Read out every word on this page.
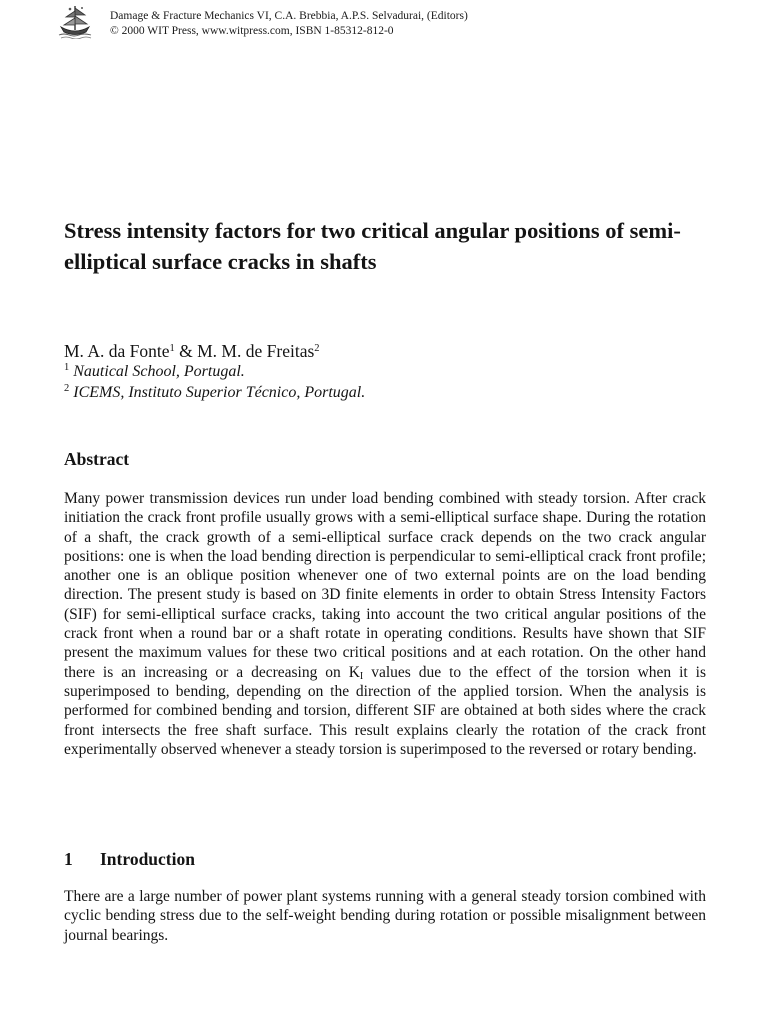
Damage & Fracture Mechanics VI, C.A. Brebbia, A.P.S. Selvadurai, (Editors)
© 2000 WIT Press, www.witpress.com, ISBN 1-85312-812-0
Stress intensity factors for two critical angular positions of semi-elliptical surface cracks in shafts
M. A. da Fonte$^1$ & M. M. de Freitas$^2$
$^1$ Nautical School, Portugal.
$^2$ ICEMS, Instituto Superior Técnico, Portugal.
Abstract

Many power transmission devices run under load bending combined with steady torsion. After crack initiation the crack front profile usually grows with a semi-elliptical surface shape. During the rotation of a shaft, the crack growth of a semi-elliptical surface crack depends on the two crack angular positions: one is when the load bending direction is perpendicular to semi-elliptical crack front profile; another one is an oblique position whenever one of two external points are on the load bending direction. The present study is based on 3D finite elements in order to obtain Stress Intensity Factors (SIF) for semi-elliptical surface cracks, taking into account the two critical angular positions of the crack front when a round bar or a shaft rotate in operating conditions. Results have shown that SIF present the maximum values for these two critical positions and at each rotation. On the other hand there is an increasing or a decreasing on $K_I$ values due to the effect of the torsion when it is superimposed to bending, depending on the direction of the applied torsion. When the analysis is performed for combined bending and torsion, different SIF are obtained at both sides where the crack front intersects the free shaft surface. This result explains clearly the rotation of the crack front experimentally observed whenever a steady torsion is superimposed to the reversed or rotary bending.

1 Introduction

There are a large number of power plant systems running with a general steady torsion combined with cyclic bending stress due to the self-weight bending during rotation or possible misalignment between journal bearings.
